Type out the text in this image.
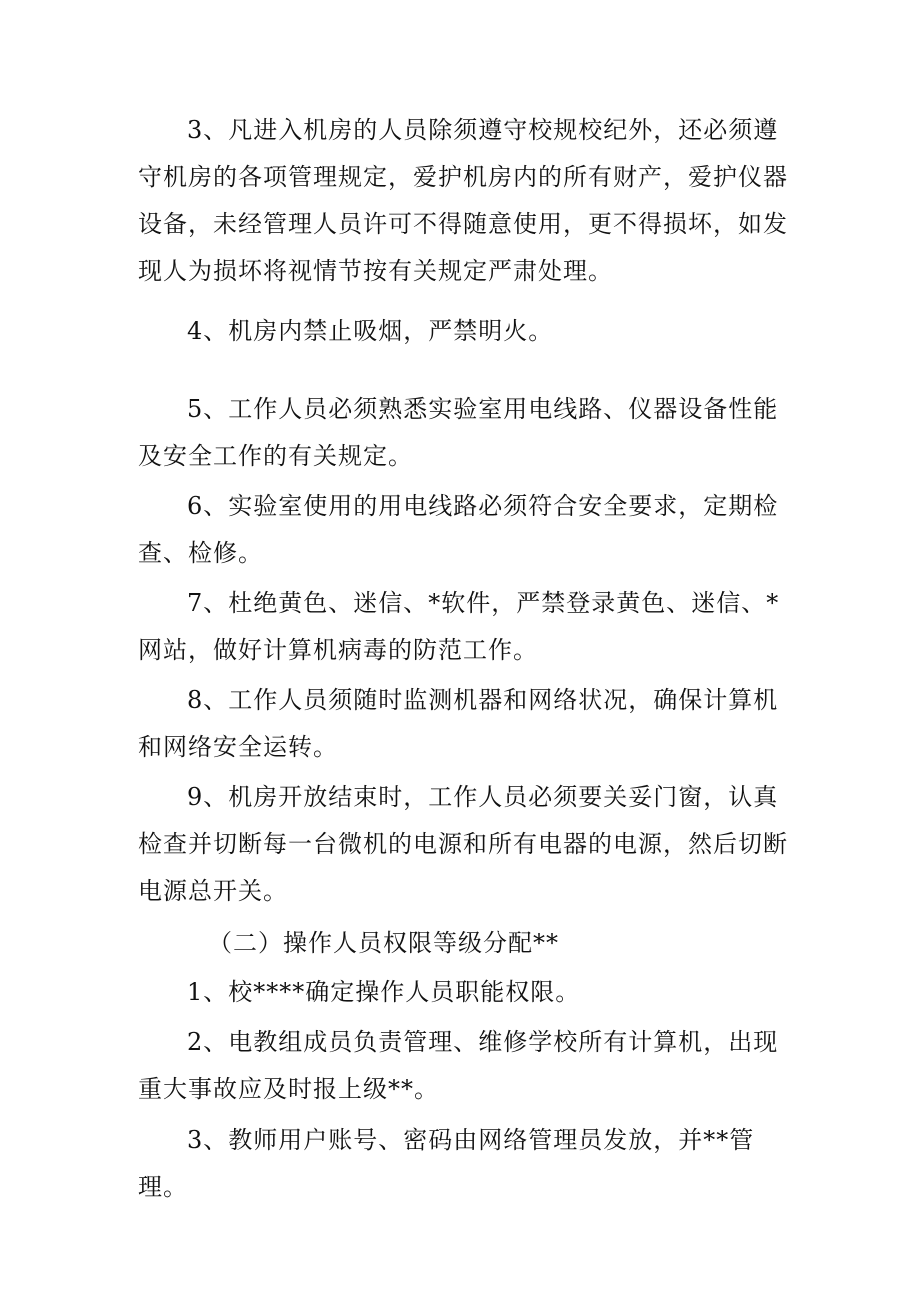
3、凡进入机房的人员除须遵守校规校纪外，还必须遵守机房的各项管理规定，爱护机房内的所有财产，爱护仪器设备，未经管理人员许可不得随意使用，更不得损坏，如发现人为损坏将视情节按有关规定严肃处理。

4、机房内禁止吸烟，严禁明火。

5、工作人员必须熟悉实验室用电线路、仪器设备性能及安全工作的有关规定。

6、实验室使用的用电线路必须符合安全要求，定期检查、检修。

7、杜绝黄色、迷信、*软件，严禁登录黄色、迷信、*网站，做好计算机病毒的防范工作。

8、工作人员须随时监测机器和网络状况，确保计算机和网络安全运转。

9、机房开放结束时，工作人员必须要关妥门窗，认真检查并切断每一台微机的电源和所有电器的电源，然后切断电源总开关。

（二）操作人员权限等级分配**

1、校****确定操作人员职能权限。

2、电教组成员负责管理、维修学校所有计算机，出现重大事故应及时报上级**。

3、教师用户账号、密码由网络管理员发放，并**管理。
